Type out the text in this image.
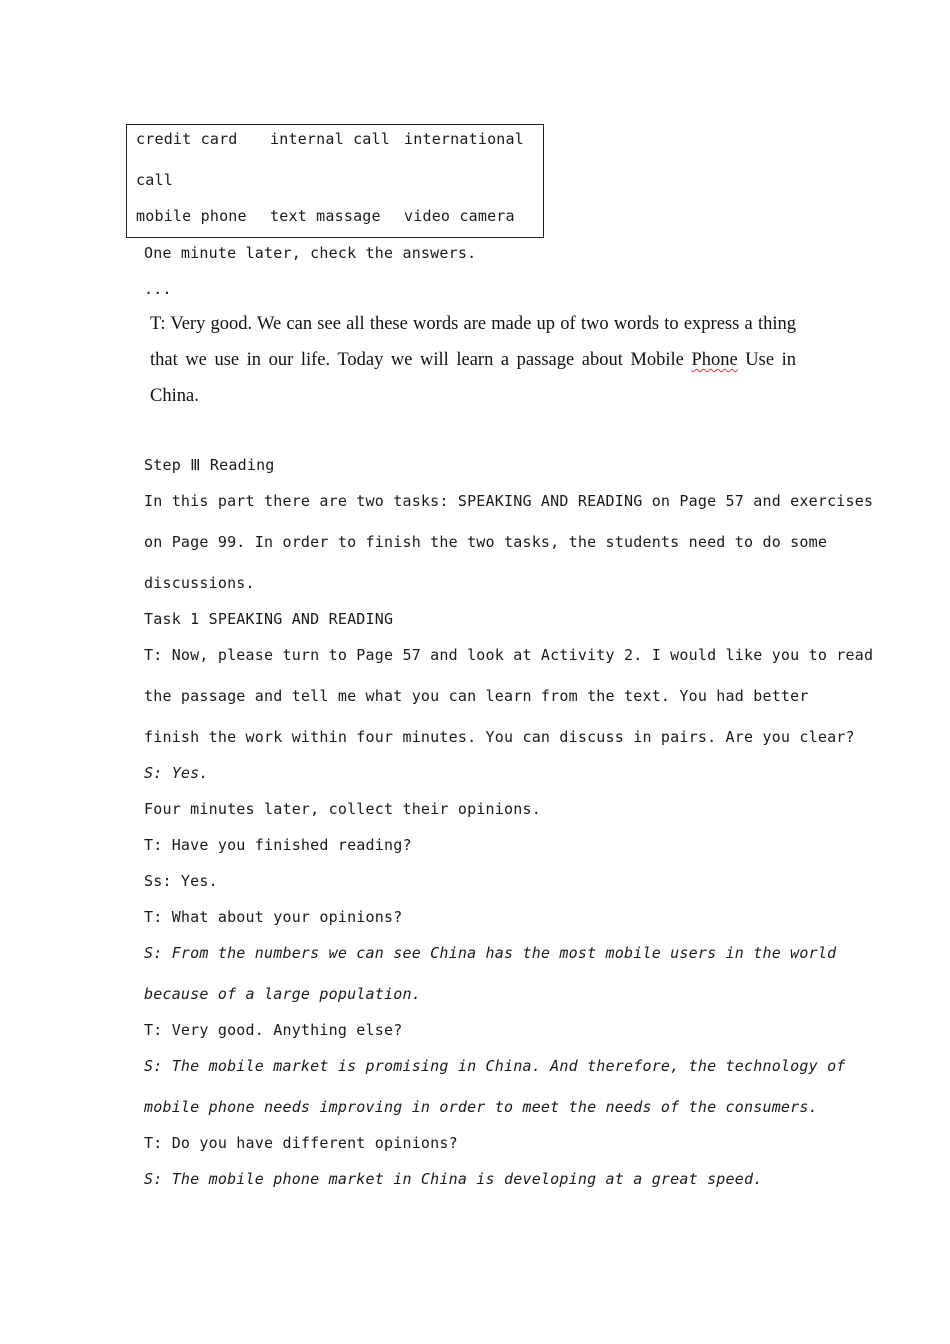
credit card internal call international
call
mobile phone text massage video camera
One minute later, check the answers.
...
T: Very good. We can see all these words are made up of two words to express a thing
that we use in our life. Today we will learn a passage about Mobile Phone Use in
China.
Step Ⅲ Reading
In this part there are two tasks: SPEAKING AND READING on Page 57 and exercises
on Page 99. In order to finish the two tasks, the students need to do some
discussions.
Task 1 SPEAKING AND READING
T: Now, please turn to Page 57 and look at Activity 2. I would like you to read
the passage and tell me what you can learn from the text. You had better
finish the work within four minutes. You can discuss in pairs. Are you clear?
S: Yes.
Four minutes later, collect their opinions.
T: Have you finished reading?
Ss: Yes.
T: What about your opinions?
S: From the numbers we can see China has the most mobile users in the world
because of a large population.
T: Very good. Anything else?
S: The mobile market is promising in China. And therefore, the technology of
mobile phone needs improving in order to meet the needs of the consumers.
T: Do you have different opinions?
S: The mobile phone market in China is developing at a great speed.
